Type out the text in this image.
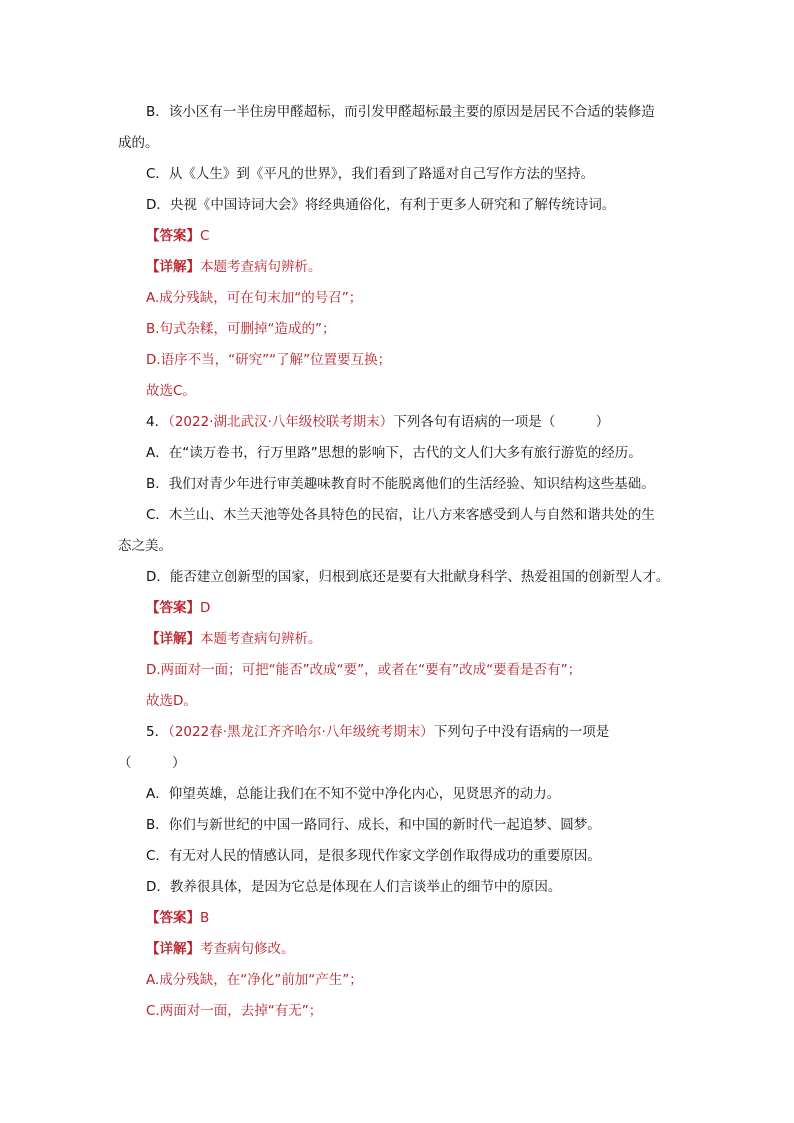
B．该小区有一半住房甲醛超标，而引发甲醛超标最主要的原因是居民不合适的装修造
成的。
C．从《人生》到《平凡的世界》，我们看到了路遥对自己写作方法的坚持。
D．央视《中国诗词大会》将经典通俗化，有利于更多人研究和了解传统诗词。
【答案】C
【详解】本题考查病句辨析。
A.成分残缺，可在句末加“的号召”；
B.句式杂糅，可删掉“造成的”；
D.语序不当，“研究”“了解”位置要互换；
故选C。
4．（2022·湖北武汉·八年级校联考期末）下列各句有语病的一项是（　　　）
A．在“读万卷书，行万里路”思想的影响下，古代的文人们大多有旅行游览的经历。
B．我们对青少年进行审美趣味教育时不能脱离他们的生活经验、知识结构这些基础。
C．木兰山、木兰天池等处各具特色的民宿，让八方来客感受到人与自然和谐共处的生
态之美。
D．能否建立创新型的国家，归根到底还是要有大批献身科学、热爱祖国的创新型人才。
【答案】D
【详解】本题考查病句辨析。
D.两面对一面；可把“能否”改成“要”，或者在“要有”改成“要看是否有”；
故选D。
5．（2022春·黑龙江齐齐哈尔·八年级统考期末）下列句子中没有语病的一项是
（　　　）
A．仰望英雄，总能让我们在不知不觉中净化内心，见贤思齐的动力。
B．你们与新世纪的中国一路同行、成长，和中国的新时代一起追梦、圆梦。
C．有无对人民的情感认同，是很多现代作家文学创作取得成功的重要原因。
D．教养很具体，是因为它总是体现在人们言谈举止的细节中的原因。
【答案】B
【详解】考查病句修改。
A.成分残缺，在“净化”前加“产生”；
C.两面对一面，去掉“有无”；
